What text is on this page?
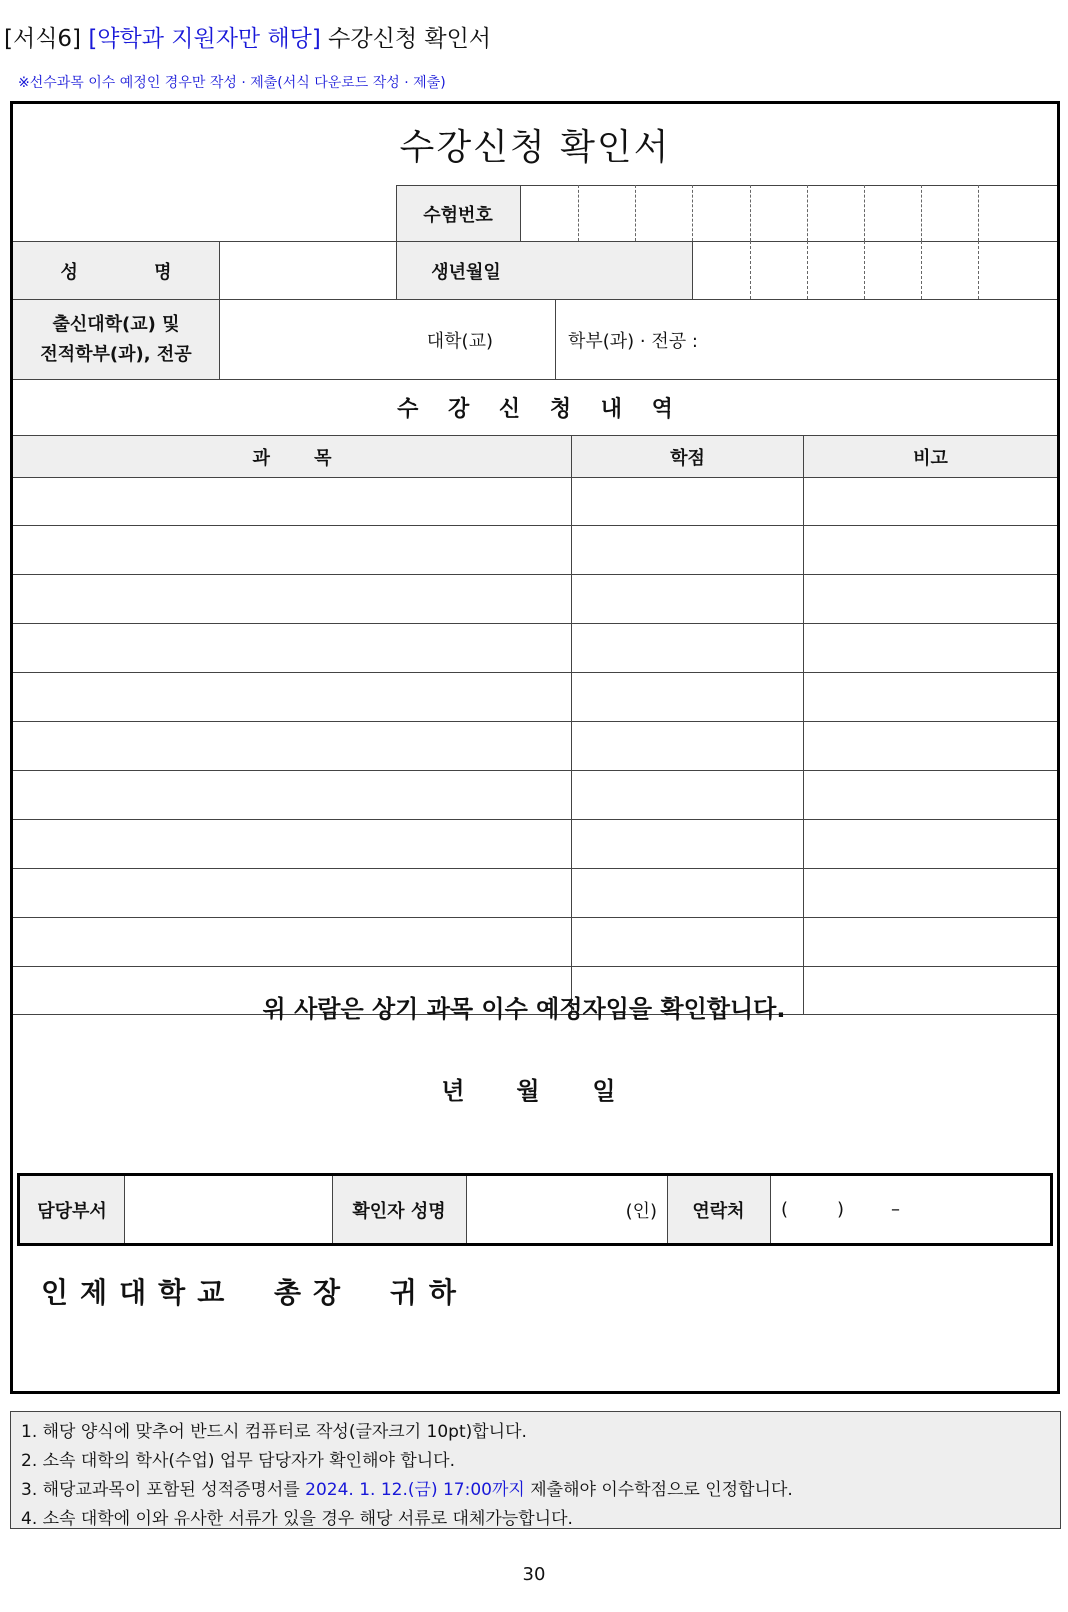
[서식6] [약학과 지원자만 해당] 수강신청 확인서
※선수과목 이수 예정인 경우만 작성 · 제출(서식 다운로드 작성 · 제출)
수강신청 확인서
수험번호
성 명	생년월일
출신대학(교) 및
전적학부(과), 전공
대학(교)	학부(과) · 전공 :
수 강 신 청 내 역
과 목	학점	비고
위 사람은 상기 과목 이수 예정자임을 확인합니다.
년 월 일
인제대학교 총장 귀하
담당부서	확인자 성명	(인)	연락처	(	)	–
1. 해당 양식에 맞추어 반드시 컴퓨터로 작성(글자크기 10pt)합니다.
2. 소속 대학의 학사(수업) 업무 담당자가 확인해야 합니다.
3. 해당교과목이 포함된 성적증명서를 2024. 1. 12.(금) 17:00까지 제출해야 이수학점으로 인정합니다.
4. 소속 대학에 이와 유사한 서류가 있을 경우 해당 서류로 대체가능합니다.
30
